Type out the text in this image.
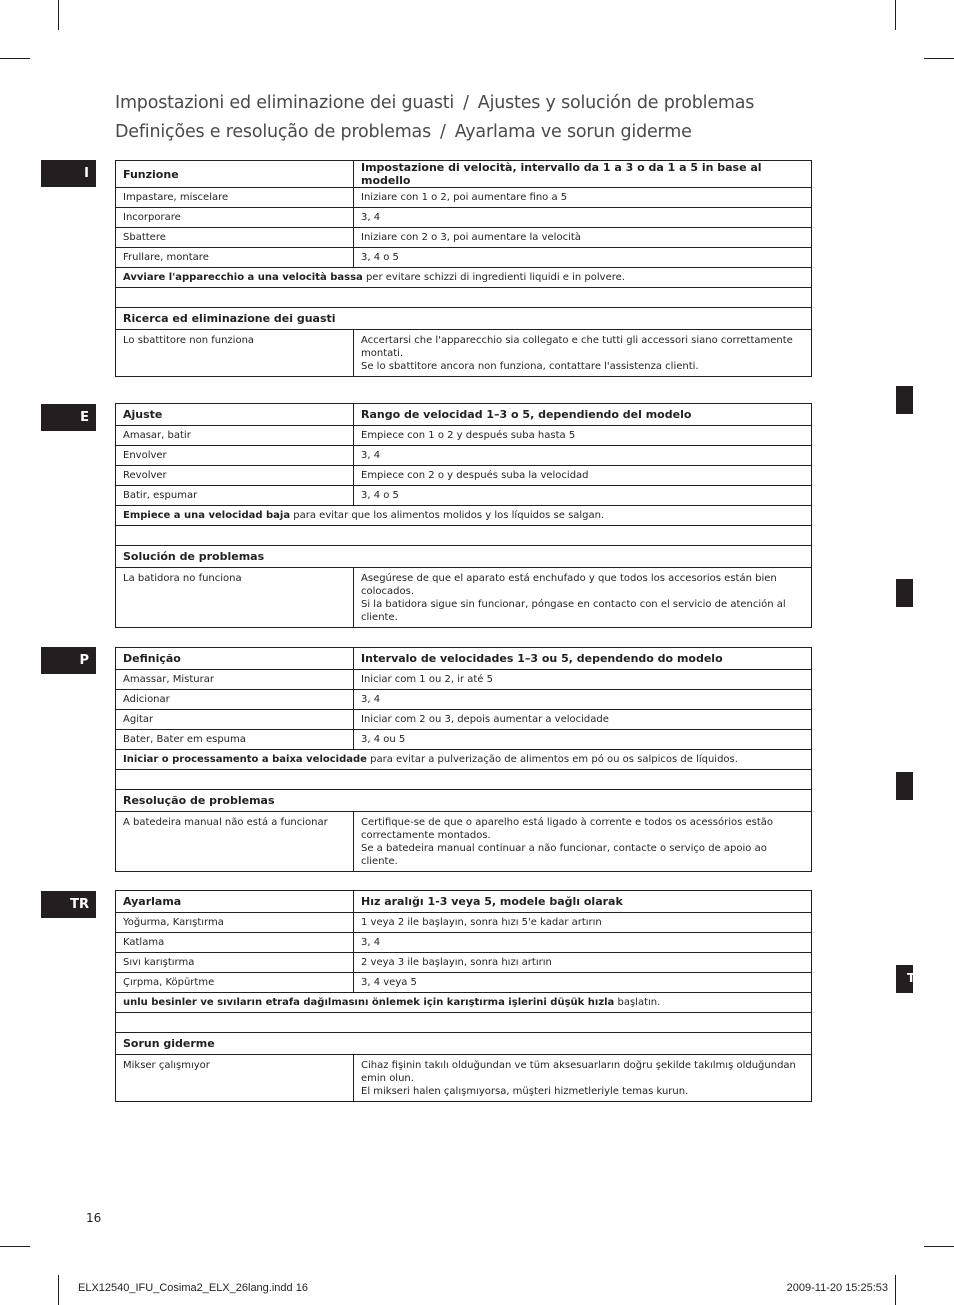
T
Impostazioni ed eliminazione dei guasti / Ajustes y solución de problemas
Definições e resolução de problemas / Ayarlama ve sorun giderme
I	Funzione	Impostazione di velocità, intervallo da 1 a 3 o da 1 a 5 in base al modello
Impastare, miscelare	Iniziare con 1 o 2, poi aumentare fino a 5
Incorporare	3, 4
Sbattere	Iniziare con 2 o 3, poi aumentare la velocità
Frullare, montare	3, 4 o 5
Avviare l'apparecchio a una velocità bassa per evitare schizzi di ingredienti liquidi e in polvere.	

Ricerca ed eliminazione dei guasti	
Lo sbattitore non funziona	Accertarsi che l'apparecchio sia collegato e che tutti gli accessori siano correttamente montati.
Se lo sbattitore ancora non funziona, contattare l'assistenza clienti.
E	Ajuste	Rango de velocidad 1–3 o 5, dependiendo del modelo
Amasar, batir	Empiece con 1 o 2 y después suba hasta 5
Envolver	3, 4
Revolver	Empiece con 2 o y después suba la velocidad
Batir, espumar	3, 4 o 5
Empiece a una velocidad baja para evitar que los alimentos molidos y los líquidos se salgan.	

Solución de problemas	
La batidora no funciona	Asegúrese de que el aparato está enchufado y que todos los accesorios están bien colocados.
Si la batidora sigue sin funcionar, póngase en contacto con el servicio de atención al cliente.
P	Definição	Intervalo de velocidades 1–3 ou 5, dependendo do modelo
Amassar, Misturar	Iniciar com 1 ou 2, ir até 5
Adicionar	3, 4
Agitar	Iniciar com 2 ou 3, depois aumentar a velocidade
Bater, Bater em espuma	3, 4 ou 5
Iniciar o processamento a baixa velocidade para evitar a pulverização de alimentos em pó ou os salpicos de líquidos.	

Resolução de problemas	
A batedeira manual não está a funcionar	Certifique-se de que o aparelho está ligado à corrente e todos os acessórios estão correctamente montados.
Se a batedeira manual continuar a não funcionar, contacte o serviço de apoio ao cliente.
TR	Ayarlama	Hız aralığı 1-3 veya 5, modele bağlı olarak
Yoğurma, Karıştırma	1 veya 2 ile başlayın, sonra hızı 5'e kadar artırın
Katlama	3, 4
Sıvı karıştırma	2 veya 3 ile başlayın, sonra hızı artırın
Çırpma, Köpürtme	3, 4 veya 5
unlu besinler ve sıvıların etrafa dağılmasını önlemek için karıştırma işlerini düşük hızla başlatın.	

Sorun giderme	
Mikser çalışmıyor	Cihaz fişinin takılı olduğundan ve tüm aksesuarların doğru şekilde takılmış olduğundan emin olun.
El mikseri halen çalışmıyorsa, müşteri hizmetleriyle temas kurun.
16
ELX12540_IFU_Cosima2_ELX_26lang.indd 16	2009-11-20 15:25:53
